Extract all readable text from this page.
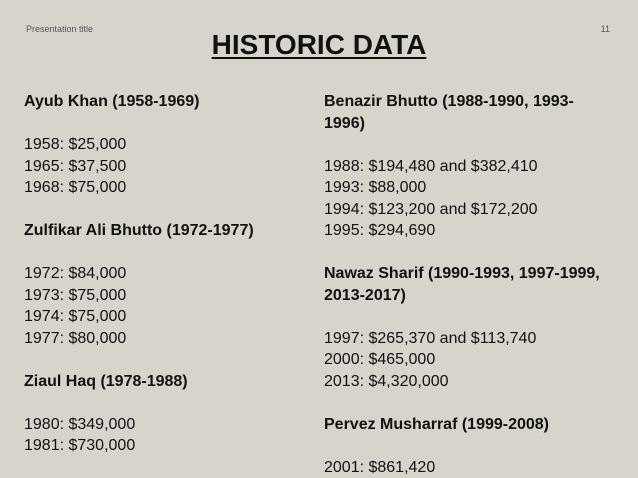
Presentation title	11
HISTORIC DATA
Ayub Khan (1958-1969)
1958: $25,000
1965: $37,500
1968: $75,000
Zulfikar Ali Bhutto (1972-1977)
1972: $84,000
1973: $75,000
1974: $75,000
1977: $80,000
Ziaul Haq (1978-1988)
1980: $349,000
1981: $730,000
Benazir Bhutto (1988-1990, 1993-
1996)
1988: $194,480 and $382,410
1993: $88,000
1994: $123,200 and $172,200
1995: $294,690
Nawaz Sharif (1990-1993, 1997-1999,
2013-2017)
1997: $265,370 and $113,740
2000: $465,000
2013: $4,320,000
Pervez Musharraf (1999-2008)
2001: $861,420
